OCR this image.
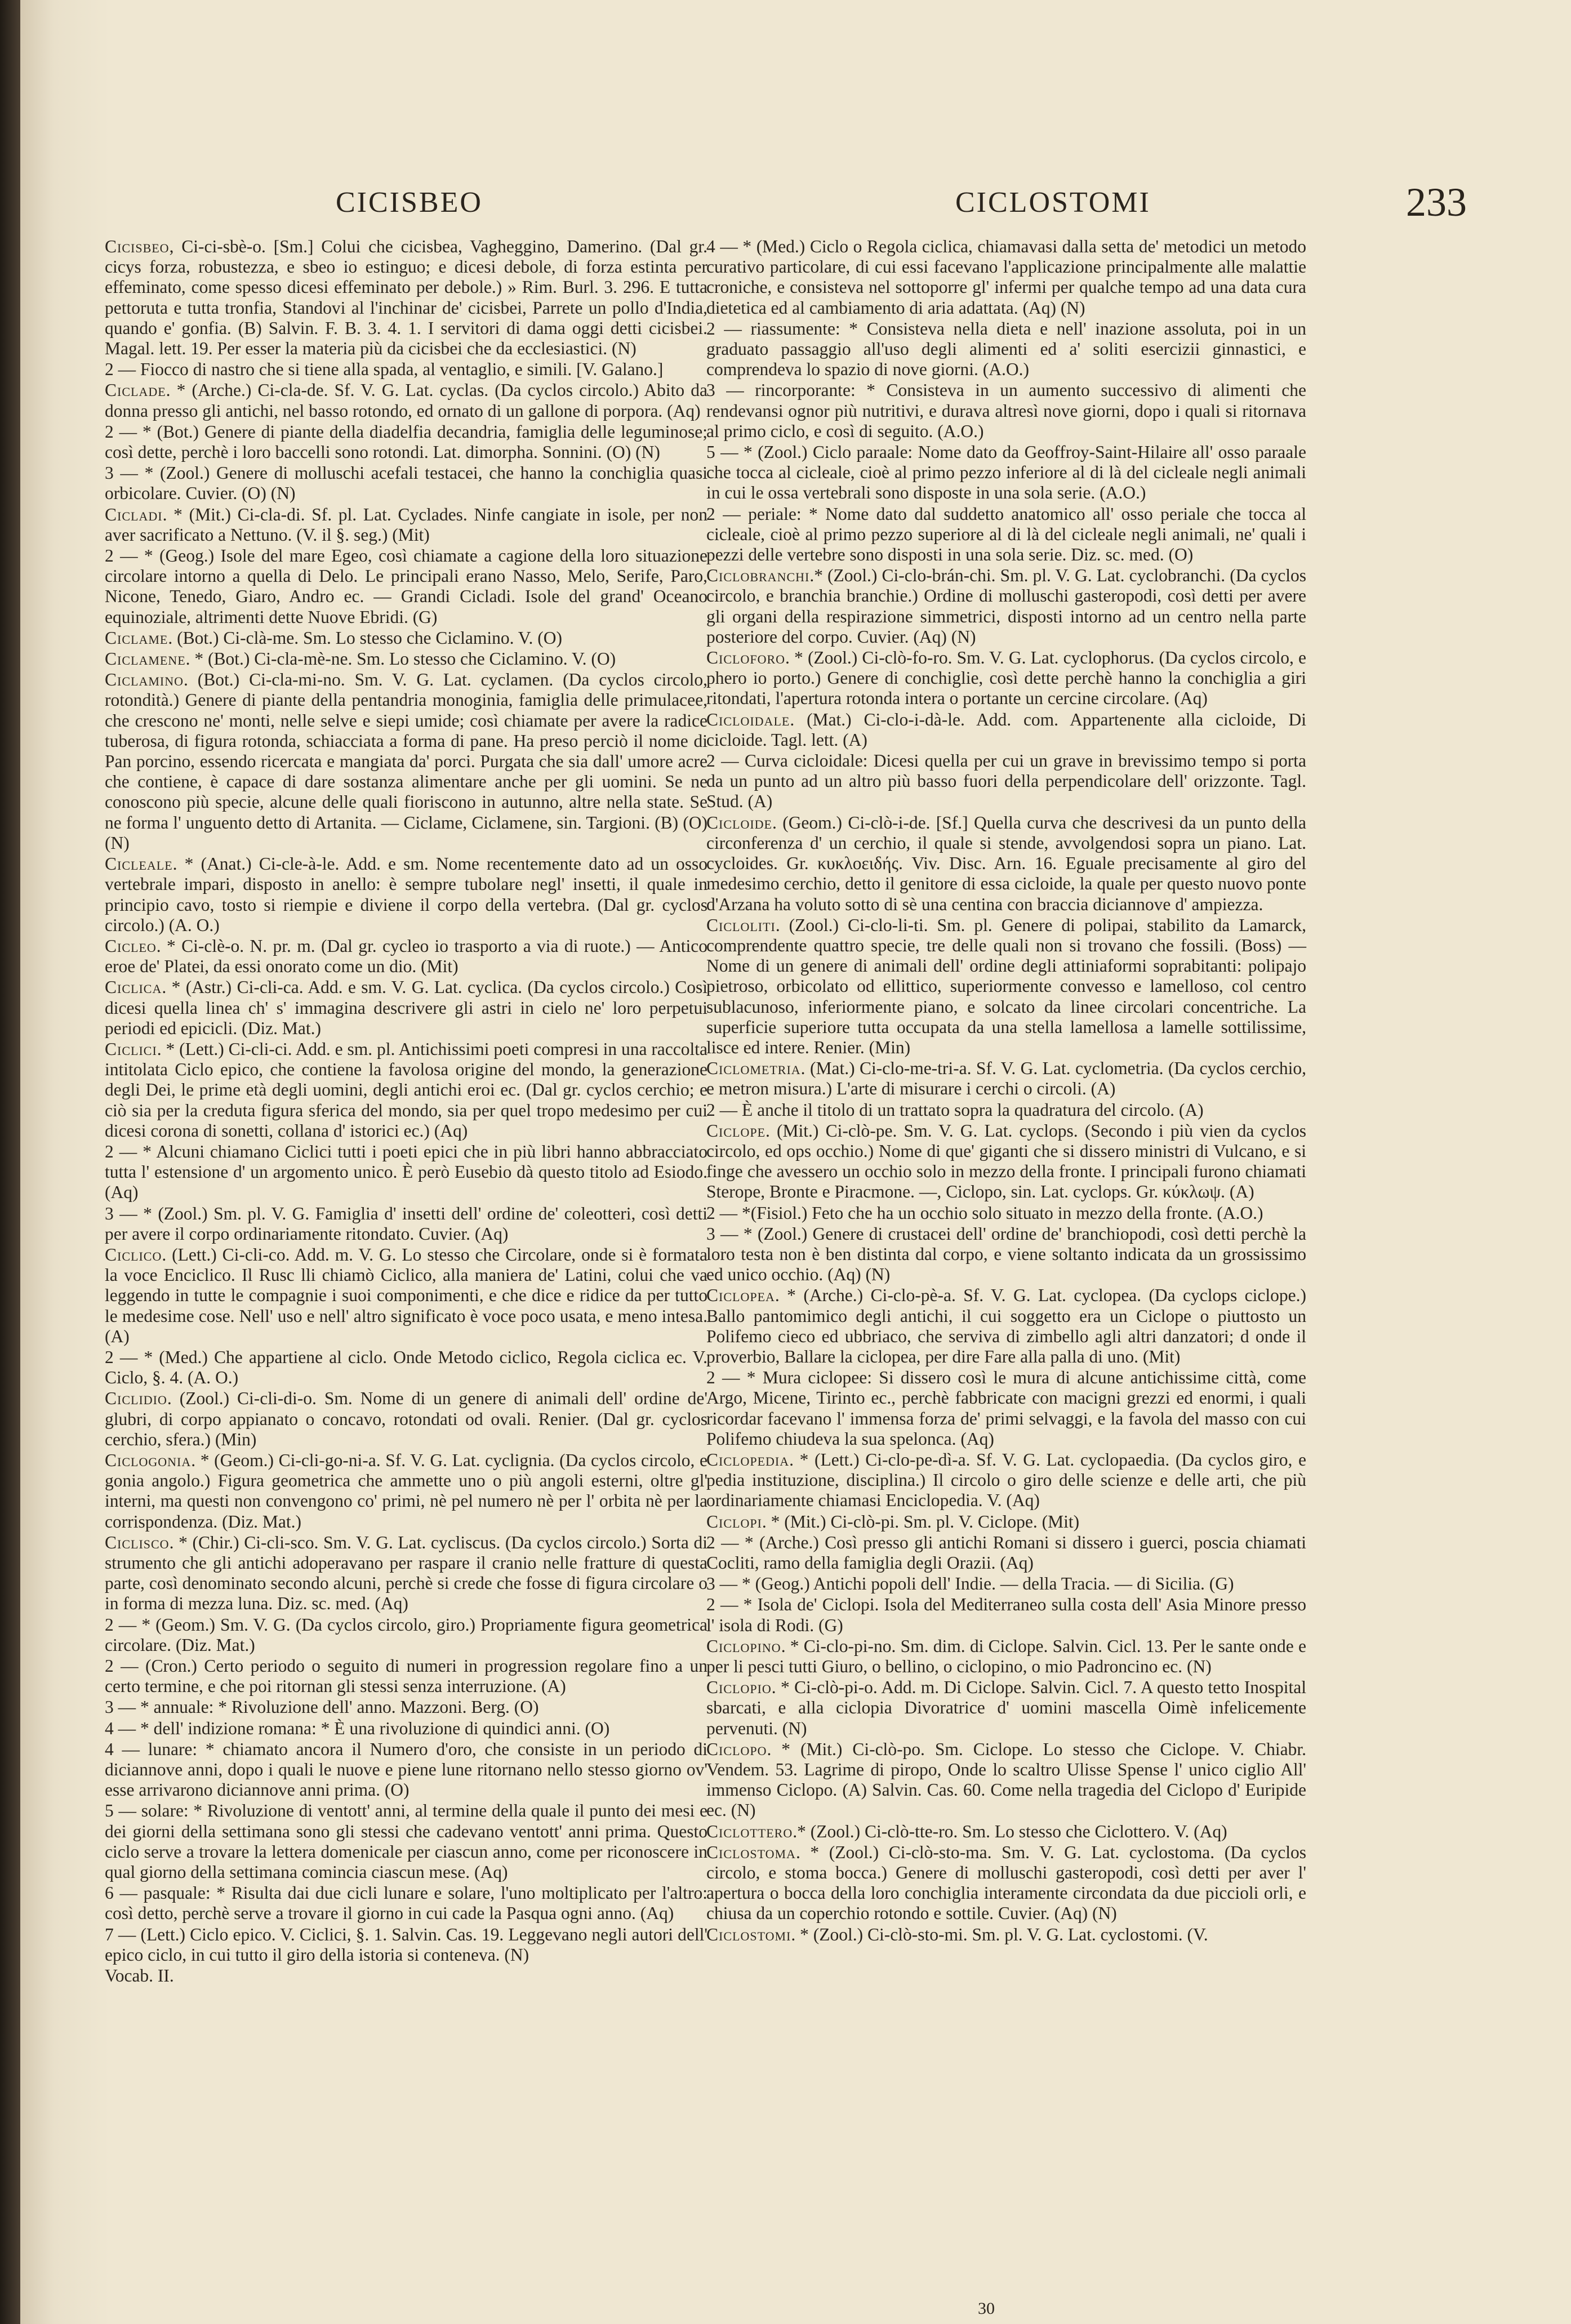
CICISBEO	CICLOSTOMI	233

Cicisbeo, Ci-ci-sbè-o. [Sm.] Colui che cicisbea, Vagheggino, Damerino. (Dal gr. cicys forza, robustezza, e sbeo io estinguo; e dicesi debole, di forza estinta per effeminato, come spesso dicesi effeminato per debole.) » Rim. Burl. 3. 296. E tutta pettoruta e tutta tronfia, Standovi al l'inchinar de' cicisbei, Parrete un pollo d'India, quando e' gonfia. (B) Salvin. F. B. 3. 4. 1. I servitori di dama oggi detti cicisbei. Magal. lett. 19. Per esser la materia più da cicisbei che da ecclesiastici. (N)

2 — Fiocco di nastro che si tiene alla spada, al ventaglio, e simili. [V. Galano.]

Ciclade. * (Arche.) Ci-cla-de. Sf. V. G. Lat. cyclas. (Da cyclos circolo.) Abito da donna presso gli antichi, nel basso rotondo, ed ornato di un gallone di porpora. (Aq)

2 — * (Bot.) Genere di piante della diadelfia decandria, famiglia delle leguminose; così dette, perchè i loro baccelli sono rotondi. Lat. dimorpha. Sonnini. (O) (N)

3 — * (Zool.) Genere di molluschi acefali testacei, che hanno la conchiglia quasi orbicolare. Cuvier. (O) (N)

Cicladi. * (Mit.) Ci-cla-di. Sf. pl. Lat. Cyclades. Ninfe cangiate in isole, per non aver sacrificato a Nettuno. (V. il §. seg.) (Mit)

2 — * (Geog.) Isole del mare Egeo, così chiamate a cagione della loro situazione circolare intorno a quella di Delo. Le principali erano Nasso, Melo, Serife, Paro, Nicone, Tenedo, Giaro, Andro ec. — Grandi Cicladi. Isole del grand' Oceano equinoziale, altrimenti dette Nuove Ebridi. (G)

Ciclame. (Bot.) Ci-clà-me. Sm. Lo stesso che Ciclamino. V. (O)

Ciclamene. * (Bot.) Ci-cla-mè-ne. Sm. Lo stesso che Ciclamino. V. (O)

Ciclamino. (Bot.) Ci-cla-mi-no. Sm. V. G. Lat. cyclamen. (Da cyclos circolo, rotondità.) Genere di piante della pentandria monoginia, famiglia delle primulacee, che crescono ne' monti, nelle selve e siepi umide; così chiamate per avere la radice tuberosa, di figura rotonda, schiacciata a forma di pane. Ha preso perciò il nome di Pan porcino, essendo ricercata e mangiata da' porci. Purgata che sia dall' umore acre che contiene, è capace di dare sostanza alimentare anche per gli uomini. Se ne conoscono più specie, alcune delle quali fioriscono in autunno, altre nella state. Se ne forma l' unguento detto di Artanita. — Ciclame, Ciclamene, sin. Targioni. (B) (O) (N)

Cicleale. * (Anat.) Ci-cle-à-le. Add. e sm. Nome recentemente dato ad un osso vertebrale impari, disposto in anello: è sempre tubolare negl' insetti, il quale in principio cavo, tosto si riempie e diviene il corpo della vertebra. (Dal gr. cyclos circolo.) (A. O.)

Cicleo. * Ci-clè-o. N. pr. m. (Dal gr. cycleo io trasporto a via di ruote.) — Antico eroe de' Platei, da essi onorato come un dio. (Mit)

Ciclica. * (Astr.) Ci-cli-ca. Add. e sm. V. G. Lat. cyclica. (Da cyclos circolo.) Così dicesi quella linea ch' s' immagina descrivere gli astri in cielo ne' loro perpetui periodi ed epicicli. (Diz. Mat.)

Ciclici. * (Lett.) Ci-cli-ci. Add. e sm. pl. Antichissimi poeti compresi in una raccolta intitolata Ciclo epico, che contiene la favolosa origine del mondo, la generazione degli Dei, le prime età degli uomini, degli antichi eroi ec. (Dal gr. cyclos cerchio; e ciò sia per la credutа figura sferica del mondo, sia per quel tropo medesimo per cui dicesi corona di sonetti, collana d' istorici ec.) (Aq)

2 — * Alcuni chiamano Ciclici tutti i poeti epici che in più libri hanno abbracciato tutta l' estensione d' un argomento unico. È però Eusebio dà questo titolo ad Esiodo. (Aq)

3 — * (Zool.) Sm. pl. V. G. Famiglia d' insetti dell' ordine de' coleotteri, così detti per avere il corpo ordinariamente ritondato. Cuvier. (Aq)

Ciclico. (Lett.) Ci-cli-co. Add. m. V. G. Lo stesso che Circolare, onde si è formata la voce Enciclico. Il Rusc lli chiamò Ciclico, alla maniera de' Latini, colui che va leggendo in tutte le compagnie i suoi componimenti, e che dice e ridice da per tutto le medesime cose. Nell' uso e nell' altro significato è voce poco usata, e meno intesa. (A)

2 — * (Med.) Che appartiene al ciclo. Onde Metodo ciclico, Regola ciclica ec. V. Ciclo, §. 4. (A. O.)

Ciclidio. (Zool.) Ci-cli-di-o. Sm. Nome di un genere di animali dell' ordine de' glubri, di corpo appianato o concavo, rotondati od ovali. Renier. (Dal gr. cyclos cerchio, sfera.) (Min)

Ciclogonia. * (Geom.) Ci-cli-go-ni-a. Sf. V. G. Lat. cyclignia. (Da cyclos circolo, e gonia angolo.) Figura geometrica che ammette uno o più angoli esterni, oltre gl' interni, ma questi non convengono co' primi, nè pel numero nè per l' orbita nè per la corrispondenza. (Diz. Mat.)

Ciclisco. * (Chir.) Ci-cli-sco. Sm. V. G. Lat. cycliscus. (Da cyclos circolo.) Sorta di strumento che gli antichi adoperavano per raspare il cranio nelle fratture di questa parte, così denominato secondo alcuni, perchè si crede che fosse di figura circolare o in forma di mezza luna. Diz. sc. med. (Aq)

2 — * (Geom.) Sm. V. G. (Da cyclos circolo, giro.) Propriamente figura geometrica circolare. (Diz. Mat.)

2 — (Cron.) Certo periodo o seguito di numeri in progression regolare fino a un certo termine, e che poi ritornan gli stessi senza interruzione. (A)

3 — * annuale: * Rivoluzione dell' anno. Mazzoni. Berg. (O)

4 — * dell' indizione romana: * È una rivoluzione di quindici anni. (O)

4 — lunare: * chiamato ancora il Numero d'oro, che consiste in un periodo di diciannove anni, dopo i quali le nuove e piene lune ritornano nello stesso giorno ov' esse arrivarono diciannove anni prima. (O)

5 — solare: * Rivoluzione di ventott' anni, al termine della quale il punto dei mesi e dei giorni della settimana sono gli stessi che cadevano ventott' anni prima. Questo ciclo serve a trovare la lettera domenicale per ciascun anno, come per riconoscere in qual giorno della settimana comincia ciascun mese. (Aq)

6 — pasquale: * Risulta dai due cicli lunare e solare, l'uno moltiplicato per l'altro: così detto, perchè serve a trovare il giorno in cui cade la Pasqua ogni anno. (Aq)

7 — (Lett.) Ciclo epico. V. Ciclici, §. 1. Salvin. Cas. 19. Leggevano negli autori dell' epico ciclo, in cui tutto il giro della istoria si conteneva. (N)

Vocab. II.

4 — * (Med.) Ciclo o Regola ciclica, chiamavasi dalla setta de' metodici un metodo curativo particolare, di cui essi facevano l'applicazione principalmente alle malattie croniche, e consisteva nel sottoporre gl' infermi per qualche tempo ad una data cura dietetica ed al cambiamento di aria adattata. (Aq) (N)

2 — riassumente: * Consisteva nella dieta e nell' inazione assoluta, poi in un graduato passaggio all'uso degli alimenti ed a' soliti esercizii ginnastici, e comprendeva lo spazio di nove giorni. (A.O.)

3 — rincorporante: * Consisteva in un aumento successivo di alimenti che rendevansi ognor più nutritivi, e durava altresì nove giorni, dopo i quali si ritornava al primo ciclo, e così di seguito. (A.O.)

5 — * (Zool.) Ciclo paraale: Nome dato da Geoffroy-Saint-Hilaire all' osso paraale che tocca al cicleale, cioè al primo pezzo inferiore al di là del cicleale negli animali in cui le ossa vertebrali sono disposte in una sola serie. (A.O.)

2 — periale: * Nome dato dal suddetto anatomico all' osso periale che tocca al cicleale, cioè al primo pezzo superiore al di là del cicleale negli animali, ne' quali i pezzi delle vertebre sono disposti in una sola serie. Diz. sc. med. (O)

Ciclobranchi.* (Zool.) Ci-clo-brán-chi. Sm. pl. V. G. Lat. cyclobranchi. (Da cyclos circolo, e branchia branchie.) Ordine di molluschi gasteropodi, così detti per avere gli organi della respirazione simmetrici, disposti intorno ad un centro nella parte posteriore del corpo. Cuvier. (Aq) (N)

Cicloforo. * (Zool.) Ci-clò-fo-ro. Sm. V. G. Lat. cyclophorus. (Da cyclos circolo, e phero io porto.) Genere di conchiglie, così dette perchè hanno la conchiglia a giri ritondati, l'apertura rotonda intera o portante un cercine circolare. (Aq)

Cicloidale. (Mat.) Ci-clo-i-dà-le. Add. com. Appartenente alla cicloide, Di cicloide. Tagl. lett. (A)

2 — Curva cicloidale: Dicesi quella per cui un grave in brevissimo tempo si porta da un punto ad un altro più basso fuori della perpendicolare dell' orizzonte. Tagl. Stud. (A)

Cicloide. (Geom.) Ci-clò-i-de. [Sf.] Quella curva che descrivesi da un punto della circonferenza d' un cerchio, il quale si stende, avvolgendosi sopra un piano. Lat. cycloides. Gr. κυκλοειδής. Viv. Disc. Arn. 16. Eguale precisamente al giro del medesimo cerchio, detto il genitore di essa cicloide, la quale per questo nuovo ponte d'Arzana ha voluto sotto di sè una centina con braccia diciannove d' ampiezza.

Cicloliti. (Zool.) Ci-clo-li-ti. Sm. pl. Genere di polipai, stabilito da Lamarck, comprendente quattro specie, tre delle quali non si trovano che fossili. (Boss) — Nome di un genere di animali dell' ordine degli attiniaformi soprabitanti: polipajo pietroso, orbicolato od ellittico, superiormente convesso e lamelloso, col centro sublacunoso, inferiormente piano, e solcato da linee circolari concentriche. La superficie superiore tutta occupata da una stella lamellosa a lamelle sottilissime, lisce ed intere. Renier. (Min)

Ciclometria. (Mat.) Ci-clo-me-tri-a. Sf. V. G. Lat. cyclometria. (Da cyclos cerchio, e metron misura.) L'arte di misurare i cerchi o circoli. (A)

2 — È anche il titolo di un trattato sopra la quadratura del circolo. (A)

Ciclope. (Mit.) Ci-clò-pe. Sm. V. G. Lat. cyclops. (Secondo i più vien da cyclos circolo, ed ops occhio.) Nome di que' giganti che si dissero ministri di Vulcano, e si finge che avessero un occhio solo in mezzo della fronte. I principali furono chiamati Sterope, Bronte e Piracmone. —, Ciclopo, sin. Lat. cyclops. Gr. κύκλωψ. (A)

2 — *(Fisiol.) Feto che ha un occhio solo situato in mezzo della fronte. (A.O.)

3 — * (Zool.) Genere di crustacei dell' ordine de' branchiopodi, così detti perchè la loro testa non è ben distinta dal corpo, e viene soltanto indicata da un grossissimo ed unico occhio. (Aq) (N)

Ciclopea. * (Arche.) Ci-clo-pè-a. Sf. V. G. Lat. cyclopea. (Da cyclops ciclope.) Ballo pantomimico degli antichi, il cui soggetto era un Ciclope o piuttosto un Polifemo cieco ed ubbriaco, che serviva di zimbello agli altri danzatori; d onde il proverbio, Ballare la ciclopea, per dire Fare alla palla di uno. (Mit)

2 — * Mura ciclopee: Si dissero così le mura di alcune antichissime città, come Argo, Micene, Tirinto ec., perchè fabbricate con macigni grezzi ed enormi, i quali ricordar facevano l' immensa forza de' primi selvaggi, e la favola del masso con cui Polifemo chiudeva la sua spelonca. (Aq)

Ciclopedia. * (Lett.) Ci-clo-pe-dì-a. Sf. V. G. Lat. cyclopaedia. (Da cyclos giro, e pedia instituzione, disciplina.) Il circolo o giro delle scienze e delle arti, che più ordinariamente chiamasi Enciclopedia. V. (Aq)

Ciclopi. * (Mit.) Ci-clò-pi. Sm. pl. V. Ciclope. (Mit)

2 — * (Arche.) Così presso gli antichi Romani si dissero i guerci, poscia chiamati Coclitі, ramo della famiglia degli Orazii. (Aq)

3 — * (Geog.) Antichi popoli dell' Indie. — della Tracia. — di Sicilia. (G)

2 — * Isola de' Ciclopi. Isola del Mediterraneo sulla costa dell' Asia Minore presso l' isola di Rodi. (G)

Ciclopino. * Ci-clo-pi-no. Sm. dim. di Ciclope. Salvin. Cicl. 13. Per le sante onde e per li pesci tutti Giuro, o bellino, o ciclopino, o mio Padroncino ec. (N)

Ciclopio. * Ci-clò-pi-o. Add. m. Di Ciclope. Salvin. Cicl. 7. A questo tetto Inospital sbarcati, e alla ciclopia Divoratrice d' uomini mascella Oimè infelicemente pervenuti. (N)

Ciclopo. * (Mit.) Ci-clò-po. Sm. Ciclope. Lo stesso che Ciclope. V. Chiabr. Vendem. 53. Lagrime di piropo, Onde lo scaltro Ulisse Spense l' unico ciglio All' immenso Ciclopo. (A) Salvin. Cas. 60. Come nella tragedia del Ciclopo d' Euripide ec. (N)

Ciclottero.* (Zool.) Ci-clò-tte-ro. Sm. Lo stesso che Ciclottero. V. (Aq)

Ciclostoma. * (Zool.) Ci-clò-sto-ma. Sm. V. G. Lat. cyclostoma. (Da cyclos circolo, e stoma bocca.) Genere di molluschi gasteropodi, così detti per aver l' apertura o bocca della loro conchiglia interamente circondata da due piccioli orli, e chiusa da un coperchio rotondo e sottile. Cuvier. (Aq) (N)

Ciclostomi. * (Zool.) Ci-clò-sto-mi. Sm. pl. V. G. Lat. cyclostomi. (V.

30
